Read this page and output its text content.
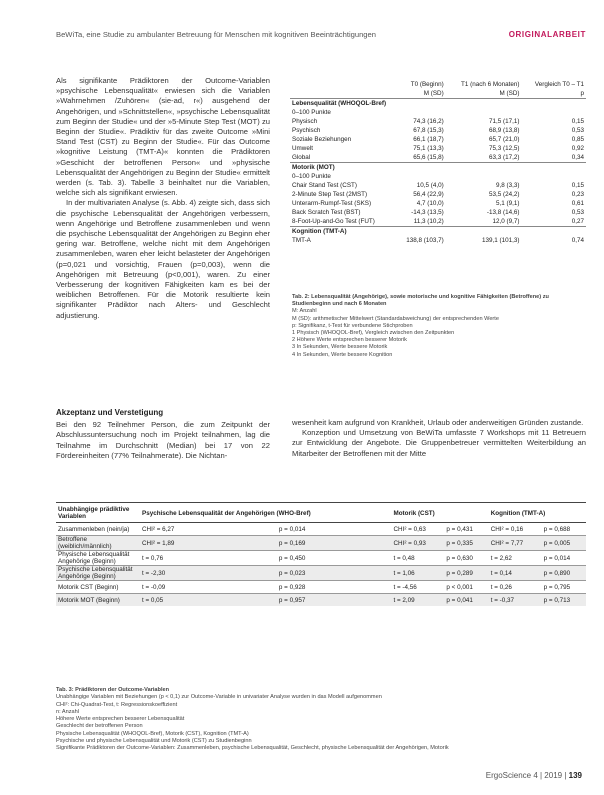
BeWiTa, eine Studie zu ambulanter Betreuung für Menschen mit kognitiven Beeinträchtigungen	ORIGINALARBEIT

Als signifikante Prädiktoren der Outcome-Variablen »psychische Lebensqualität« erwiesen sich die Variablen »Wahrnehmen /Zuhören« (sie-ad, r«) ausgehend der Angehörigen, und »Schnittstellen«, »psychische Lebensqualität zum Beginn der Studie« und der »5-Minute Step Test (MOT) zu Beginn der Studie«. Prädiktiv für das zweite Outcome »Mini Stand Test (CST) zu Beginn der Studie«. Für das Outcome »kognitive Leistung (TMT-A)« konnten die Prädiktoren »Geschicht der betroffenen Person« und »physische Lebensqualität der Angehörigen zu Beginn der Studie« ermittelt werden (s. Tab. 3). Tabelle 3 beinhaltet nur die Variablen, welche sich als signifikant erwiesen.

In der multivariaten Analyse (s. Abb. 4) zeigte sich, dass sich die psychische Lebensqualität der Angehörigen verbessern, wenn Angehörige und Betroffene zusammenleben und wenn die psychische Lebensqualität der Angehörigen zu Beginn eher gering war. Betroffene, welche nicht mit dem Angehörigen zusammenleben, waren eher leicht belasteter der Angehörigen (p=0,021 und vorsichtig, Frauen (p=0,003), wenn die Angehörigen mit Betreuung (p<0,001), waren. Zu einer Verbesserung der kognitiven Fähigkeiten kam es bei der weiblichen Betroffenen. Für die Motorik resultierte kein signifikanter Prädiktor nach Alters- und Geschlecht adjustierung.

	T0 (Beginn)	T1 (nach 6 Monaten)	Vergleich T0 – T1
	M (SD)	M (SD)	p
Lebensqualität (WHOQOL-Bref)			
0–100 Punkte			
Physisch	74,3 (16,2)	71,5 (17,1)	0,15
Psychisch	67,8 (15,3)	68,9 (13,8)	0,53
Soziale Beziehungen	66,1 (18,7)	65,7 (21,0)	0,85
Umwelt	75,1 (13,3)	75,3 (12,5)	0,92
Global	65,6 (15,8)	63,3 (17,2)	0,34
Motorik (MOT)			
0–100 Punkte			
Chair Stand Test (CST)	10,5 (4,0)	9,8 (3,3)	0,15
2-Minute Step Test (2MST)	56,4 (22,9)	53,5 (24,2)	0,23
Unterarm-Rumpf-Test (SKS)	4,7 (10,0)	5,1 (9,1)	0,61
Back Scratch Test (BST)	-14,3 (13,5)	-13,8 (14,6)	0,53
8-Foot-Up-and-Go Test (FUT)	11,3 (10,2)	12,0 (9,7)	0,27
Kognition (TMT-A)			
TMT-A	138,8 (103,7)	139,1 (101,3)	0,74
Tab. 2: Lebensqualität (Angehörige), sowie motorische und kognitive Fähigkeiten (Betroffene) zu Studienbeginn und nach 6 Monaten
M: Anzahl
M (SD): arithmetischer Mittelwert (Standardabweichung) der entsprechenden Werte
p: Signifikanz, t-Test für verbundene Stichproben
1 Physisch (WHOQOL-Bref), Vergleich zwischen den Zeitpunkten
2 Höhere Werte entsprechen besserer Motorik
3 In Sekunden, Werte bessere Motorik
4 In Sekunden, Werte bessere Kognition
Akzeptanz und Verstetigung

Bei den 92 Teilnehmer Person, die zum Zeitpunkt der Abschlussuntersuchung noch im Projekt teilnahmen, lag die Teilnahme im Durchschnitt (Median) bei 17 von 22 Fördereinheiten (77% Teilnahmerate). Die Nichtan-

wesenheit kam aufgrund von Krankheit, Urlaub oder anderweitigen Gründen zustande.

Konzeption und Umsetzung von BeWiTa umfasste 7 Workshops mit 11 Betreuern zur Entwicklung der Angebote. Die Gruppenbetreuer vermittelten Weiterbildung an Mitarbeiter der Betroffenen mit der Mitte

Unabhängige prädiktive Variablen	Psychische Lebensqualität der Angehörigen (WHO-Bref)		Motorik (CST)		Kognition (TMT-A)	
Zusammenleben (nein/ja)	CHI² = 6,27	p = 0,014	CHI² = 0,63	p = 0,431	CHI² = 0,16	p = 0,688
Betroffene (weiblich/männlich)	CHI² = 1,89	p = 0,169	CHI² = 0,93	p = 0,335	CHI² = 7,77	p = 0,005
Physische Lebensqualität Angehörige (Beginn)	t = 0,76	p = 0,450	t = 0,48	p = 0,630	t = 2,62	p = 0,014
Psychische Lebensqualität Angehörige (Beginn)	t = -2,30	p = 0,023	t = 1,06	p = 0,289	t = 0,14	p = 0,890
Motorik CST (Beginn)	t = -0,09	p = 0,928	t = -4,56	p < 0,001	t = 0,26	p = 0,795
Motorik MOT (Beginn)	t = 0,05	p = 0,957	t = 2,09	p = 0,041	t = -0,37	p = 0,713
Tab. 3: Prädiktoren der Outcome-Variablen
Unabhängige Variablen mit Beziehungen (p < 0,1) zur Outcome-Variable in univariater Analyse wurden in das Modell aufgenommen
CHI²: Chi-Quadrat-Test, t: Regressionskoeffizient
n: Anzahl
Höhere Werte entsprechen besserer Lebensqualität
Geschlecht der betroffenen Person
Physische Lebensqualität (WHOQOL-Bref), Motorik (CST), Kognition (TMT-A)
Psychische und physische Lebensqualität und Motorik (CST) zu Studienbeginn
Signifikante Prädiktoren der Outcome-Variablen: Zusammenleben, psychische Lebensqualität, Geschlecht, physische Lebensqualität der Angehörigen, Motorik
ErgoScience 4 | 2019 | 139
